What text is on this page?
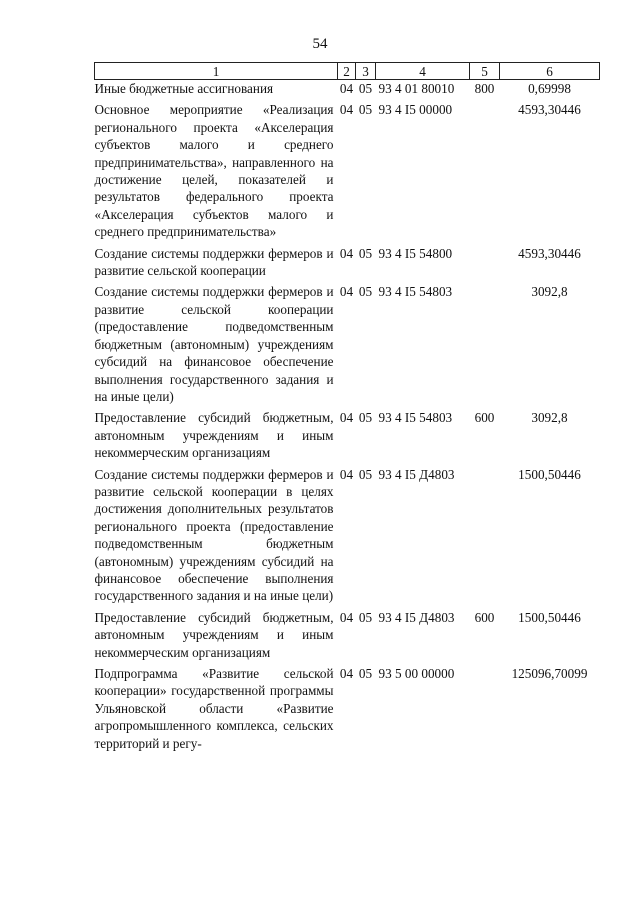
54
1	2	3	4	5	6
Иные бюджетные ассигнования	04	05	93 4 01 80010	800	0,69998
Основное мероприятие «Реализация регионального проекта «Акселерация субъектов малого и среднего предпринимательства», направленного на достижение целей, показателей и результатов федерального проекта «Акселерация субъектов малого и среднего предпринимательства»	04	05	93 4 I5 00000		4593,30446
Создание системы поддержки фермеров и развитие сельской кооперации	04	05	93 4 I5 54800		4593,30446
Создание системы поддержки фермеров и развитие сельской кооперации (предоставление подведомственным бюджетным (автономным) учреждениям субсидий на финансовое обеспечение выполнения государственного задания и на иные цели)	04	05	93 4 I5 54803		3092,8
Предоставление субсидий бюджетным, автономным учреждениям и иным некоммерческим организациям	04	05	93 4 I5 54803	600	3092,8
Создание системы поддержки фермеров и развитие сельской кооперации в целях достижения дополнительных результатов регионального проекта (предоставление подведомственным бюджетным (автономным) учреждениям субсидий на финансовое обеспечение выполнения государственного задания и на иные цели)	04	05	93 4 I5 Д4803		1500,50446
Предоставление субсидий бюджетным, автономным учреждениям и иным некоммерческим организациям	04	05	93 4 I5 Д4803	600	1500,50446
Подпрограмма «Развитие сельской кооперации» государственной программы Ульяновской области «Развитие агропромышленного комплекса, сельских территорий и регу-	04	05	93 5 00 00000		125096,70099
